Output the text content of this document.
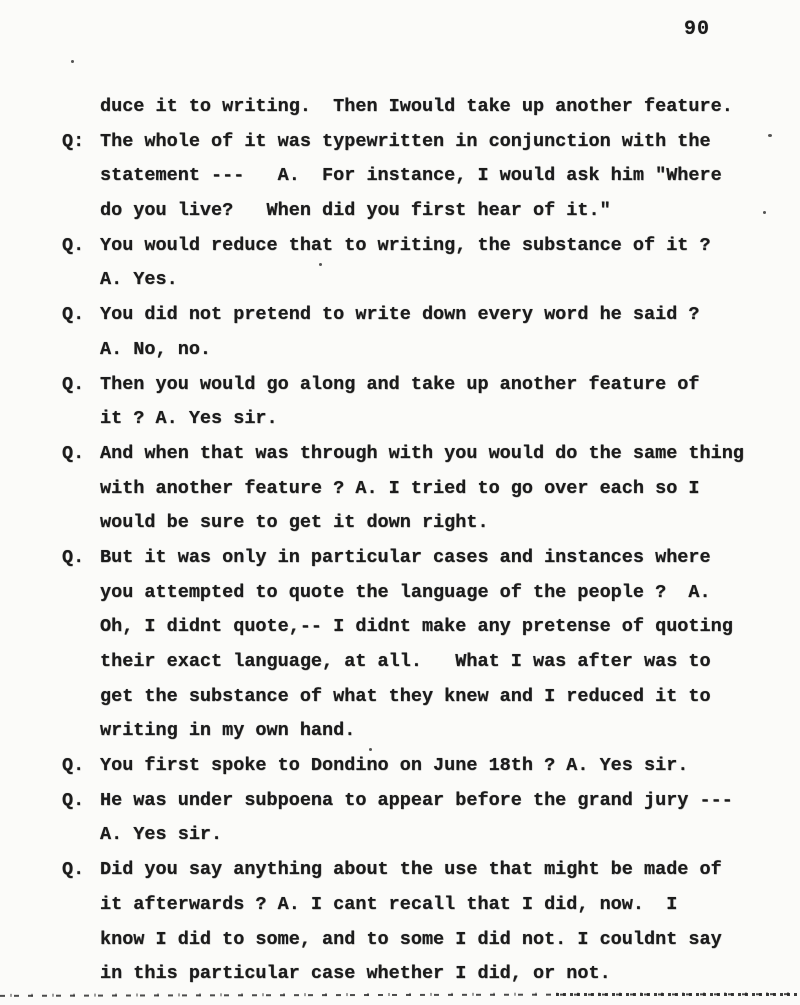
90
duce it to writing.  Then Iwould take up another feature.
Q: The whole of it was typewritten in conjunction with the
statement ---   A.  For instance, I would ask him "Where
do you live?   When did you first hear of it."
Q. You would reduce that to writing, the substance of it ?
A. Yes.
Q. You did not pretend to write down every word he said ?
A. No, no.
Q. Then you would go along and take up another feature of
it ? A. Yes sir.
Q. And when that was through with you would do the same thing
with another feature ? A. I tried to go over each so I
would be sure to get it down right.
Q. But it was only in particular cases and instances where
you attempted to quote the language of the people ?  A.
Oh, I didnt quote,-- I didnt make any pretense of quoting
their exact language, at all.   What I was after was to
get the substance of what they knew and I reduced it to
writing in my own hand.
Q. You first spoke to Dondino on June 18th ? A. Yes sir.
Q. He was under subpoena to appear before the grand jury ---
A. Yes sir.
Q. Did you say anything about the use that might be made of
it afterwards ? A. I cant recall that I did, now.  I
know I did to some, and to some I did not. I couldnt say
in this particular case whether I did, or not.
